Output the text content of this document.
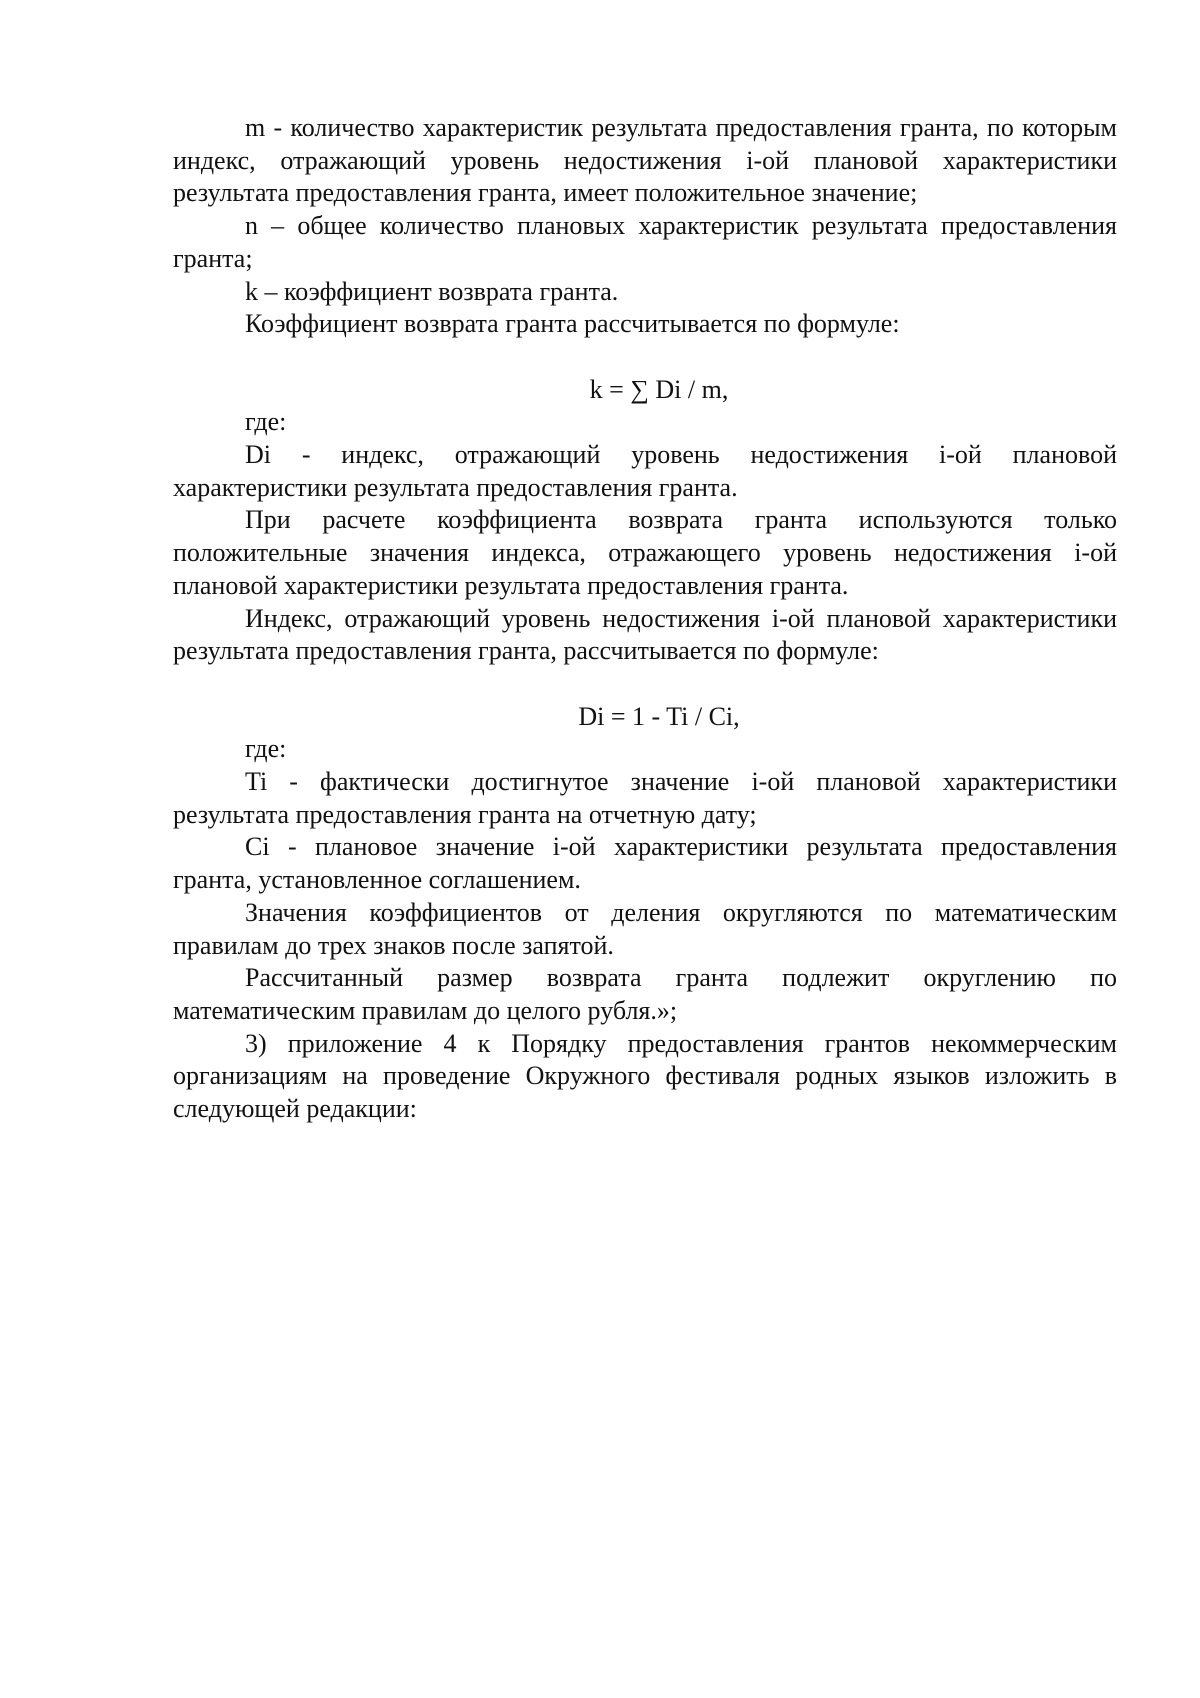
m - количество характеристик результата предоставления гранта, по которым индекс, отражающий уровень недостижения i-ой плановой характеристики результата предоставления гранта, имеет положительное значение;

n – общее количество плановых характеристик результата предоставления гранта;

k – коэффициент возврата гранта.

Коэффициент возврата гранта рассчитывается по формуле:

k = ∑ Di / m,

где:

Di - индекс, отражающий уровень недостижения i-ой плановой характеристики результата предоставления гранта.

При расчете коэффициента возврата гранта используются только положительные значения индекса, отражающего уровень недостижения i-ой плановой характеристики результата предоставления гранта.

Индекс, отражающий уровень недостижения i-ой плановой характеристики результата предоставления гранта, рассчитывается по формуле:

Di = 1 - Ti / Ci,

где:

Ti - фактически достигнутое значение i-ой плановой характеристики результата предоставления гранта на отчетную дату;

Ci - плановое значение i-ой характеристики результата предоставления гранта, установленное соглашением.

Значения коэффициентов от деления округляются по математическим правилам до трех знаков после запятой.

Рассчитанный размер возврата гранта подлежит округлению по математическим правилам до целого рубля.»;

3) приложение 4 к Порядку предоставления грантов некоммерческим организациям на проведение Окружного фестиваля родных языков изложить в следующей редакции:
